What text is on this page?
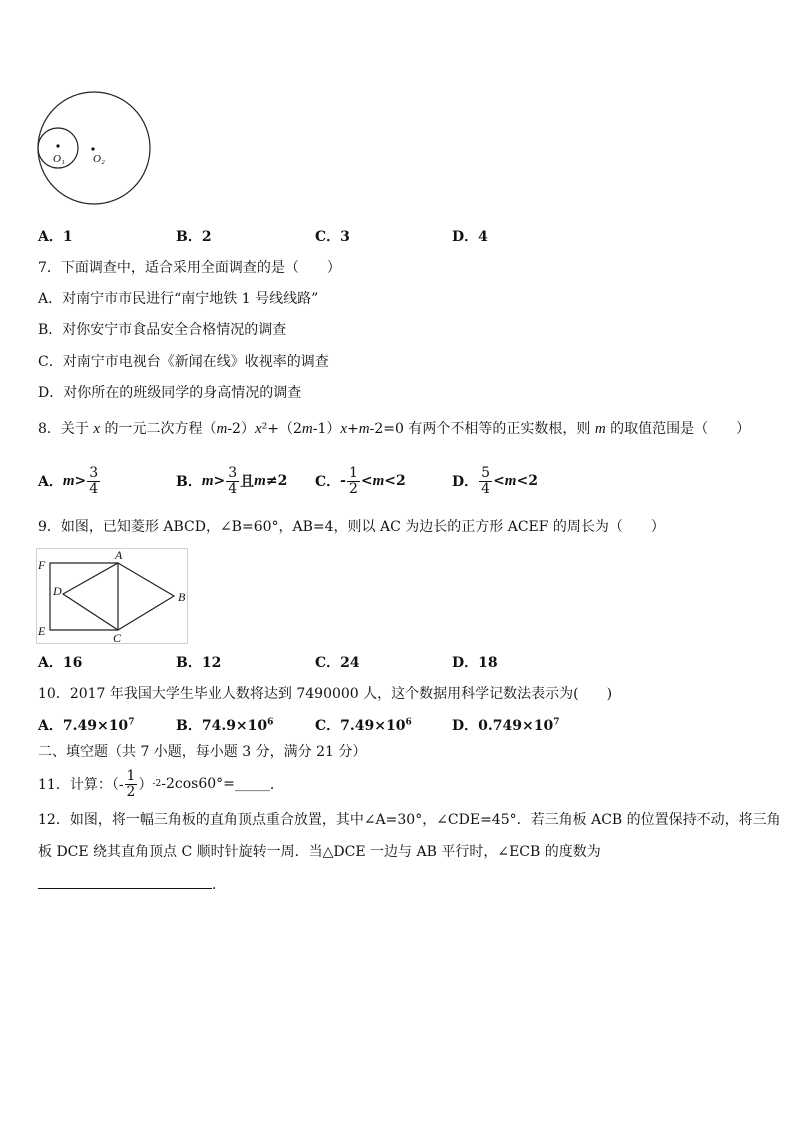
O₁	O₂
A．1	B．2	C．3	D．4
7．下面调查中，适合采用全面调查的是（　　）
A．对南宁市市民进行“南宁地铁 1 号线线路”
B．对你安宁市食品安全合格情况的调查
C．对南宁市电视台《新闻在线》收视率的调查
D．对你所在的班级同学的身高情况的调查
8．关于 x 的一元二次方程（m-2）x²+（2m-1）x+m-2=0 有两个不相等的正实数根，则 m 的取值范围是（　　）
A． $m > \frac{3}{4}$	B． $m > \frac{3}{4}$ 且 m ≠2 C． - $\frac{1}{2} < m <2$	D． $\frac{5}{4} < m <2$
9．如图，已知菱形 ABCD，∠B=60°，AB=4，则以 AC 为边长的正方形 ACEF 的周长为（　　）
F
A
D	B
E	C
A．16	B．12	C．24	D．18
10．2017 年我国大学生毕业人数将达到 7490000 人，这个数据用科学记数法表示为(　　)
A．$7.49\times 10^7$	B．$74.9\times 10^6$	C．$7.49\times 10^6$	D．$0.749\times 10^7$
二、填空题（共 7 小题，每小题 3 分，满分 21 分）
11．计算：（- $\frac{1}{2}$ ） -2 -2cos60°= _____ ．
12．如图，将一幅三角板的直角顶点重合放置，其中∠A=30°，∠CDE=45°．若三角板 ACB 的位置保持不动，将三角
板 DCE 绕其直角顶点 C 顺时针旋转一周．当△DCE 一边与 AB 平行时，∠ECB 的度数为
．
